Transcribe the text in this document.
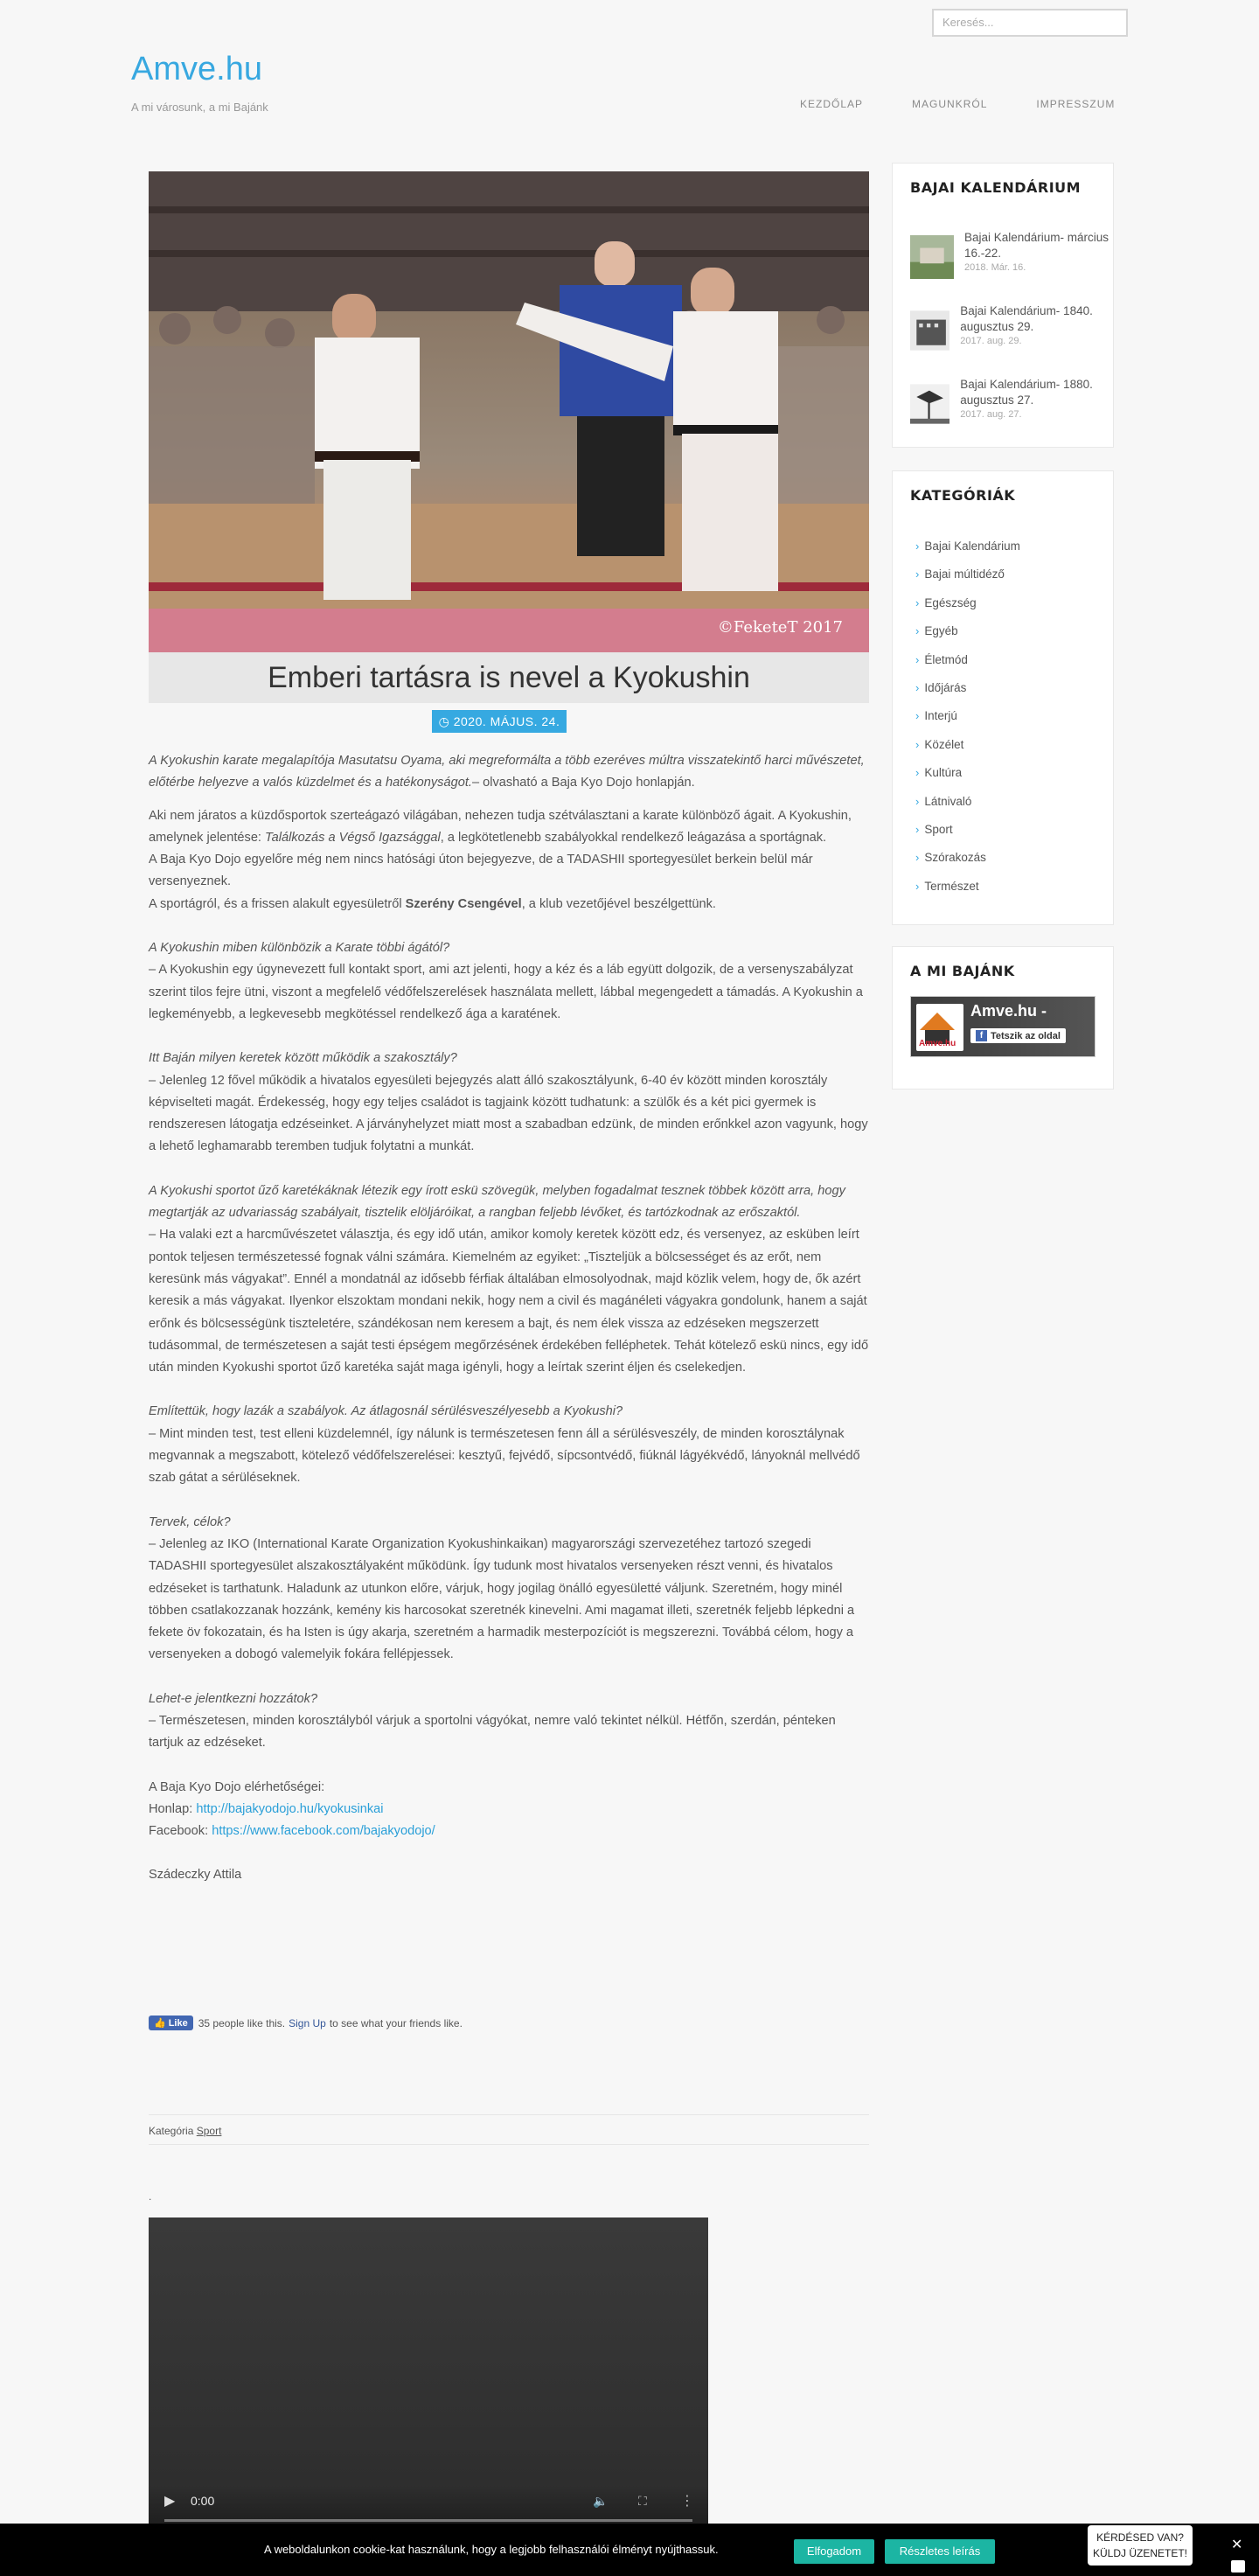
Keresés...
Amve.hu
A mi városunk, a mi Bajánk	KEZDŐLAP	MAGUNKRÓL	IMPRESSZUM
©FeketeT 2017
Emberi tartásra is nevel a Kyokushin
◷ 2020. MÁJUS. 24.

A Kyokushin karate megalapítója Masutatsu Oyama, aki megreformálta a több ezeréves múltra visszatekintő harci művészetet, előtérbe helyezve a valós küzdelmet és a hatékonyságot.– olvasható a Baja Kyo Dojo honlapján.

Aki nem járatos a küzdősportok szerteágazó világában, nehezen tudja szétválasztani a karate különböző ágait. A Kyokushin, amelynek jelentése: Találkozás a Végső Igazsággal, a legkötetlenebb szabályokkal rendelkező leágazása a sportágnak.

A Baja Kyo Dojo egyelőre még nem nincs hatósági úton bejegyezve, de a TADASHII sportegyesület berkein belül már versenyeznek.

A sportágról, és a frissen alakult egyesületről Szerény Csengével, a klub vezetőjével beszélgettünk.

A Kyokushin miben különbözik a Karate többi ágától?

– A Kyokushin egy úgynevezett full kontakt sport, ami azt jelenti, hogy a kéz és a láb együtt dolgozik, de a versenyszabályzat szerint tilos fejre ütni, viszont a megfelelő védőfelszerelések használata mellett, lábbal megengedett a támadás. A Kyokushin a legkeményebb, a legkevesebb megkötéssel rendelkező ága a karatének.

Itt Baján milyen keretek között működik a szakosztály?

– Jelenleg 12 fővel működik a hivatalos egyesületi bejegyzés alatt álló szakosztályunk, 6-40 év között minden korosztály képviselteti magát. Érdekesség, hogy egy teljes családot is tagjaink között tudhatunk: a szülők és a két pici gyermek is rendszeresen látogatja edzéseinket. A járványhelyzet miatt most a szabadban edzünk, de minden erőnkkel azon vagyunk, hogy a lehető leghamarabb teremben tudjuk folytatni a munkát.

A Kyokushi sportot űző karetékáknak létezik egy írott eskü szövegük, melyben fogadalmat tesznek többek között arra, hogy megtartják az udvariasság szabályait, tisztelik elöljáróikat, a rangban feljebb lévőket, és tartózkodnak az erőszaktól.

– Ha valaki ezt a harcművészetet választja, és egy idő után, amikor komoly keretek között edz, és versenyez, az esküben leírt pontok teljesen természetessé fognak válni számára. Kiemelném az egyiket: „Tiszteljük a bölcsességet és az erőt, nem keresünk más vágyakat”. Ennél a mondatnál az idősebb férfiak általában elmosolyodnak, majd közlik velem, hogy de, ők azért keresik a más vágyakat. Ilyenkor elszoktam mondani nekik, hogy nem a civil és magánéleti vágyakra gondolunk, hanem a saját erőnk és bölcsességünk tiszteletére, szándékosan nem keresem a bajt, és nem élek vissza az edzéseken megszerzett tudásommal, de természetesen a saját testi épségem megőrzésének érdekében felléphetek. Tehát kötelező eskü nincs, egy idő után minden Kyokushi sportot űző karetéka saját maga igényli, hogy a leírtak szerint éljen és cselekedjen.

Említettük, hogy lazák a szabályok. Az átlagosnál sérülésveszélyesebb a Kyokushi?

– Mint minden test, test elleni küzdelemnél, így nálunk is természetesen fenn áll a sérülésveszély, de minden korosztálynak megvannak a megszabott, kötelező védőfelszerelései: kesztyű, fejvédő, sípcsontvédő, fiúknál lágyékvédő, lányoknál mellvédő szab gátat a sérüléseknek.

Tervek, célok?

– Jelenleg az IKO (International Karate Organization Kyokushinkaikan) magyarországi szervezetéhez tartozó szegedi TADASHII sportegyesület alszakosztályaként működünk. Így tudunk most hivatalos versenyeken részt venni, és hivatalos edzéseket is tarthatunk. Haladunk az utunkon előre, várjuk, hogy jogilag önálló egyesületté váljunk. Szeretném, hogy minél többen csatlakozzanak hozzánk, kemény kis harcosokat szeretnék kinevelni. Ami magamat illeti, szeretnék feljebb lépkedni a fekete öv fokozatain, és ha Isten is úgy akarja, szeretném a harmadik mesterpozíciót is megszerezni. Továbbá célom, hogy a versenyeken a dobogó valemelyik fokára fellépjessek.

Lehet-e jelentkezni hozzátok?

– Természetesen, minden korosztályból várjuk a sportolni vágyókat, nemre való tekintet nélkül. Hétfőn, szerdán, pénteken tartjuk az edzéseket.

A Baja Kyo Dojo elérhetőségei:

Honlap: http://bajakyodojo.hu/kyokusinkai

Facebook: https://www.facebook.com/bajakyodojo/

Szádeczky Attila

👍 Like 35 people like this. Sign Up to see what your friends like.
Kategória Sport
.
▶ 0:00	🔈 ⛶ ⋮
BAJAI KALENDÁRIUM
Bajai Kalendárium- március 16.-22.
2018. Már. 16.
Bajai Kalendárium- 1840. augusztus 29.
2017. aug. 29.
Bajai Kalendárium- 1880. augusztus 27.
2017. aug. 27.
KATEGÓRIÁK
› Bajai Kalendárium
› Bajai múltidéző
› Egészség
› Egyéb
› Életmód
› Időjárás
› Interjú
› Közélet
› Kultúra
› Látnivaló
› Sport
› Szórakozás
› Természet
A MI BAJÁNK
Amve.hu
Amve.hu -
f Tetszik az oldal
A weboldalunkon cookie-kat használunk, hogy a legjobb felhasználói élményt nyújthassuk.	Elfogadom	Részletes leírás
KÉRDÉSED VAN?
KÜLDJ ÜZENETET!
✕
